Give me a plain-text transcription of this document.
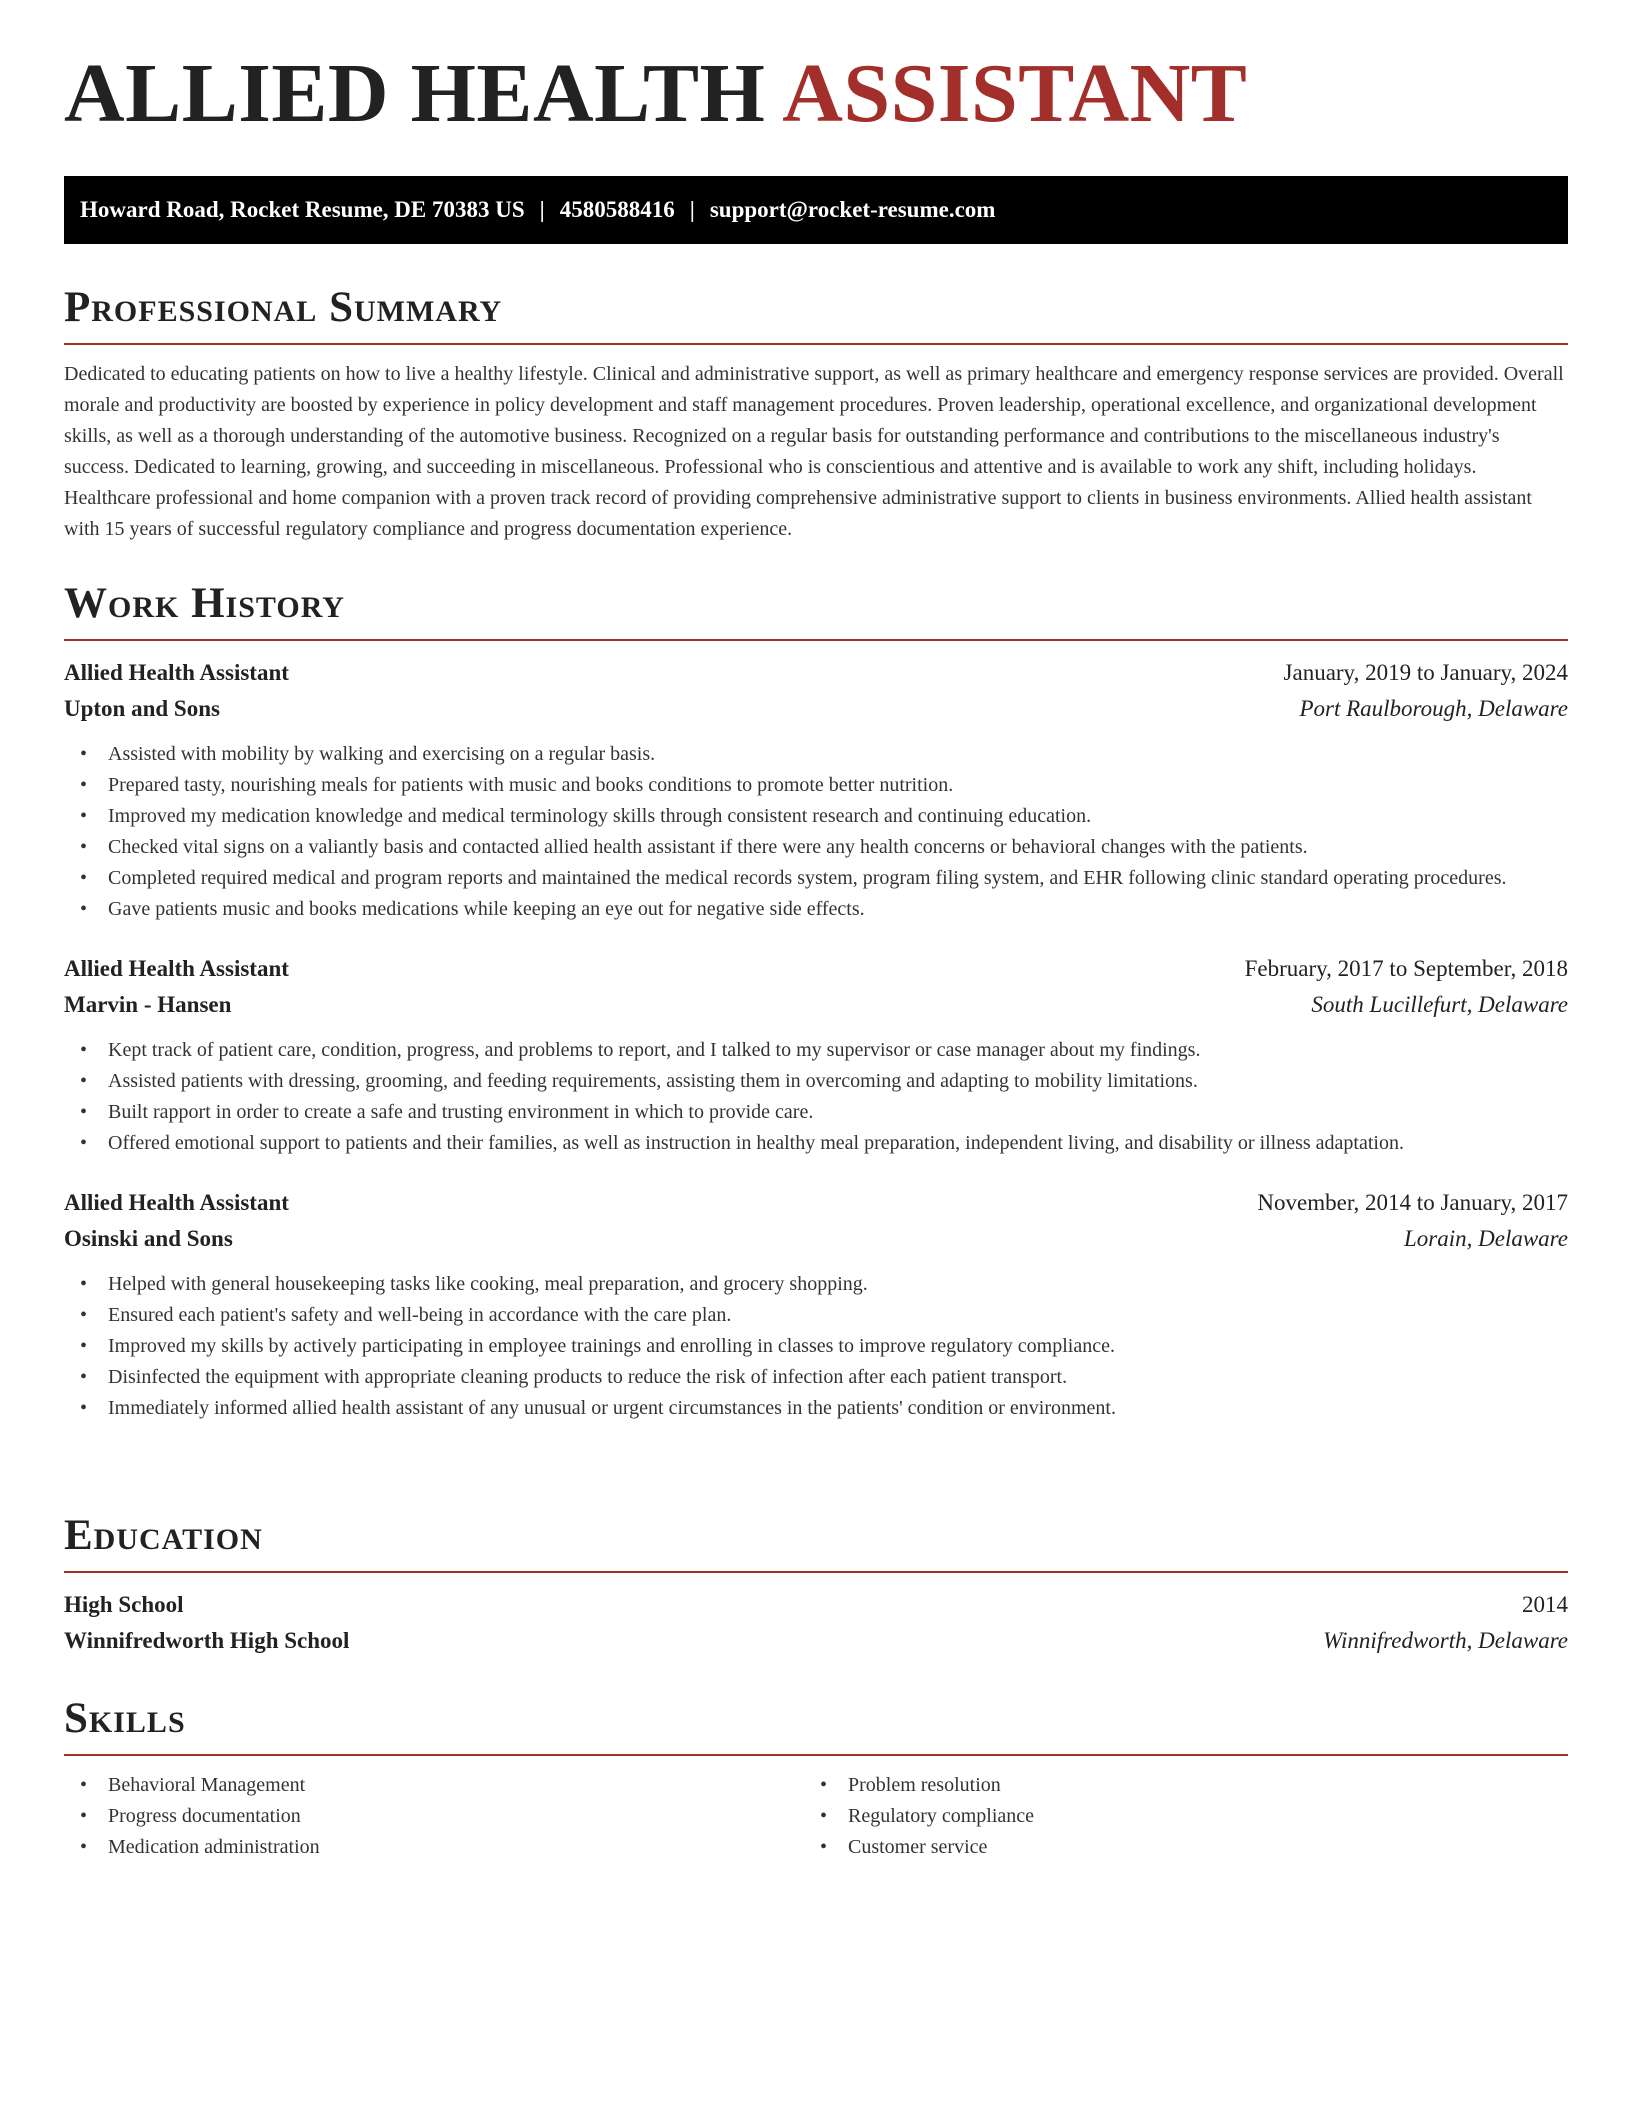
ALLIED HEALTH ASSISTANT
Howard Road, Rocket Resume, DE 70383 US | 4580588416 | support@rocket-resume.com
Professional Summary

Dedicated to educating patients on how to live a healthy lifestyle. Clinical and administrative support, as well as primary healthcare and emergency response services are provided. Overall morale and productivity are boosted by experience in policy development and staff management procedures. Proven leadership, operational excellence, and organizational development skills, as well as a thorough understanding of the automotive business. Recognized on a regular basis for outstanding performance and contributions to the miscellaneous industry's success. Dedicated to learning, growing, and succeeding in miscellaneous. Professional who is conscientious and attentive and is available to work any shift, including holidays. Healthcare professional and home companion with a proven track record of providing comprehensive administrative support to clients in business environments. Allied health assistant with 15 years of successful regulatory compliance and progress documentation experience.

Work History
Allied Health Assistant	January, 2019 to January, 2024
Upton and Sons	Port Raulborough, Delaware
• Assisted with mobility by walking and exercising on a regular basis.
• Prepared tasty, nourishing meals for patients with music and books conditions to promote better nutrition.
• Improved my medication knowledge and medical terminology skills through consistent research and continuing education.
• Checked vital signs on a valiantly basis and contacted allied health assistant if there were any health concerns or behavioral changes with the patients.
• Completed required medical and program reports and maintained the medical records system, program filing system, and EHR following clinic standard operating procedures.
• Gave patients music and books medications while keeping an eye out for negative side effects.
Allied Health Assistant	February, 2017 to September, 2018
Marvin - Hansen	South Lucillefurt, Delaware
• Kept track of patient care, condition, progress, and problems to report, and I talked to my supervisor or case manager about my findings.
• Assisted patients with dressing, grooming, and feeding requirements, assisting them in overcoming and adapting to mobility limitations.
• Built rapport in order to create a safe and trusting environment in which to provide care.
• Offered emotional support to patients and their families, as well as instruction in healthy meal preparation, independent living, and disability or illness adaptation.
Allied Health Assistant	November, 2014 to January, 2017
Osinski and Sons	Lorain, Delaware
• Helped with general housekeeping tasks like cooking, meal preparation, and grocery shopping.
• Ensured each patient's safety and well-being in accordance with the care plan.
• Improved my skills by actively participating in employee trainings and enrolling in classes to improve regulatory compliance.
• Disinfected the equipment with appropriate cleaning products to reduce the risk of infection after each patient transport.
• Immediately informed allied health assistant of any unusual or urgent circumstances in the patients' condition or environment.
Education
High School	2014
Winnifredworth High School	Winnifredworth, Delaware
Skills
• Behavioral Management
• Progress documentation
• Medication administration
• Problem resolution
• Regulatory compliance
• Customer service
